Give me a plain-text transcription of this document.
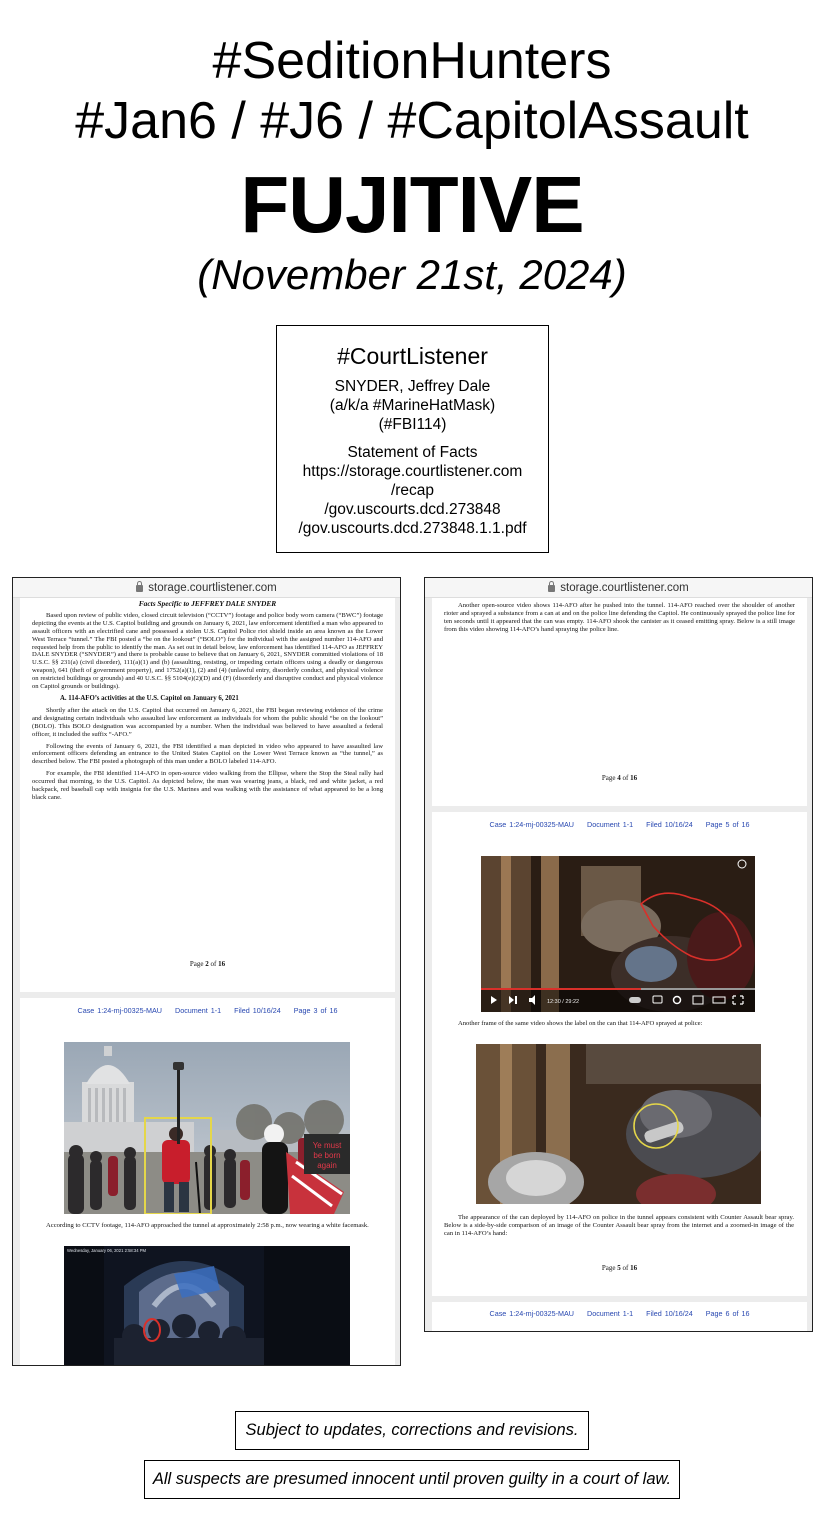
#SeditionHunters
#Jan6 / #J6 / #CapitolAssault
FUJITIVE
(November 21st, 2024)
#CourtListener
SNYDER, Jeffrey Dale
(a/k/a #MarineHatMask)
(#FBI114)
Statement of Facts
https://storage.courtlistener.com
/recap
/gov.uscourts.dcd.273848
/gov.uscourts.dcd.273848.1.1.pdf
storage.courtlistener.com
Facts Specific to JEFFREY DALE SNYDER

Based upon review of public video, closed circuit television (“CCTV”) footage and police body worn camera (“BWC”) footage depicting the events at the U.S. Capitol building and grounds on January 6, 2021, law enforcement identified a man who appeared to assault officers with an electrified cane and possessed a stolen U.S. Capitol Police riot shield inside an area known as the Lower West Terrace “tunnel.” The FBI posted a “be on the lookout” (“BOLO”) for the individual with the assigned number 114-AFO and requested help from the public to identify the man. As set out in detail below, law enforcement has identified 114-AFO as JEFFREY DALE SNYDER (“SNYDER”) and there is probable cause to believe that on January 6, 2021, SNYDER committed violations of 18 U.S.C. §§ 231(a) (civil disorder), 111(a)(1) and (b) (assaulting, resisting, or impeding certain officers using a deadly or dangerous weapon), 641 (theft of government property), and 1752(a)(1), (2) and (4) (unlawful entry, disorderly conduct, and physical violence on restricted buildings or grounds) and 40 U.S.C. §§ 5104(e)(2)(D) and (F) (disorderly and disruptive conduct and physical violence on Capitol grounds or buildings).

A. 114-AFO’s activities at the U.S. Capitol on January 6, 2021

Shortly after the attack on the U.S. Capitol that occurred on January 6, 2021, the FBI began reviewing evidence of the crime and designating certain individuals who assaulted law enforcement as individuals for whom the public should “be on the lookout” (BOLO). This BOLO designation was accompanied by a number. When the individual was believed to have assaulted a federal officer, it included the suffix “-AFO.”

Following the events of January 6, 2021, the FBI identified a man depicted in video who appeared to have assaulted law enforcement officers defending an entrance to the United States Capitol on the Lower West Terrace known as “the tunnel,” as described below. The FBI posted a photograph of this man under a BOLO labeled 114-AFO.

For example, the FBI identified 114-AFO in open-source video walking from the Ellipse, where the Stop the Steal rally had occurred that morning, to the U.S. Capitol. As depicted below, the man was wearing jeans, a black, red and white jacket, a red backpack, red baseball cap with insignia for the U.S. Marines and was walking with the assistance of what appeared to be a long black cane.

Page 2 of 16
Case 1:24-mj-00325-MAU Document 1-1 Filed 10/16/24 Page 3 of 16
Ye must
be born
again
According to CCTV footage, 114-AFO approached the tunnel at approximately 2:58 p.m., now wearing a white facemask.
Wednesday, January 06, 2021 2:58:34 PM
storage.courtlistener.com

Another open-source video shows 114-AFO after he pushed into the tunnel. 114-AFO reached over the shoulder of another rioter and sprayed a substance from a can at and on the police line defending the Capitol. He continuously sprayed the police line for ten seconds until it appeared that the can was empty. 114-AFO shook the canister as it ceased emitting spray. Below is a still image from this video showing 114-AFO’s hand spraying the police line.

Page 4 of 16
Case 1:24-mj-00325-MAU Document 1-1 Filed 10/16/24 Page 5 of 16
12:30 / 29:22
Another frame of the same video shows the label on the can that 114-AFO sprayed at police:
The appearance of the can deployed by 114-AFO on police in the tunnel appears consistent with Counter Assault bear spray. Below is a side-by-side comparison of an image of the Counter Assault bear spray from the internet and a zoomed-in image of the can in 114-AFO’s hand:
Page 5 of 16
Case 1:24-mj-00325-MAU Document 1-1 Filed 10/16/24 Page 6 of 16
Subject to updates, corrections and revisions.
All suspects are presumed innocent until proven guilty in a court of law.
